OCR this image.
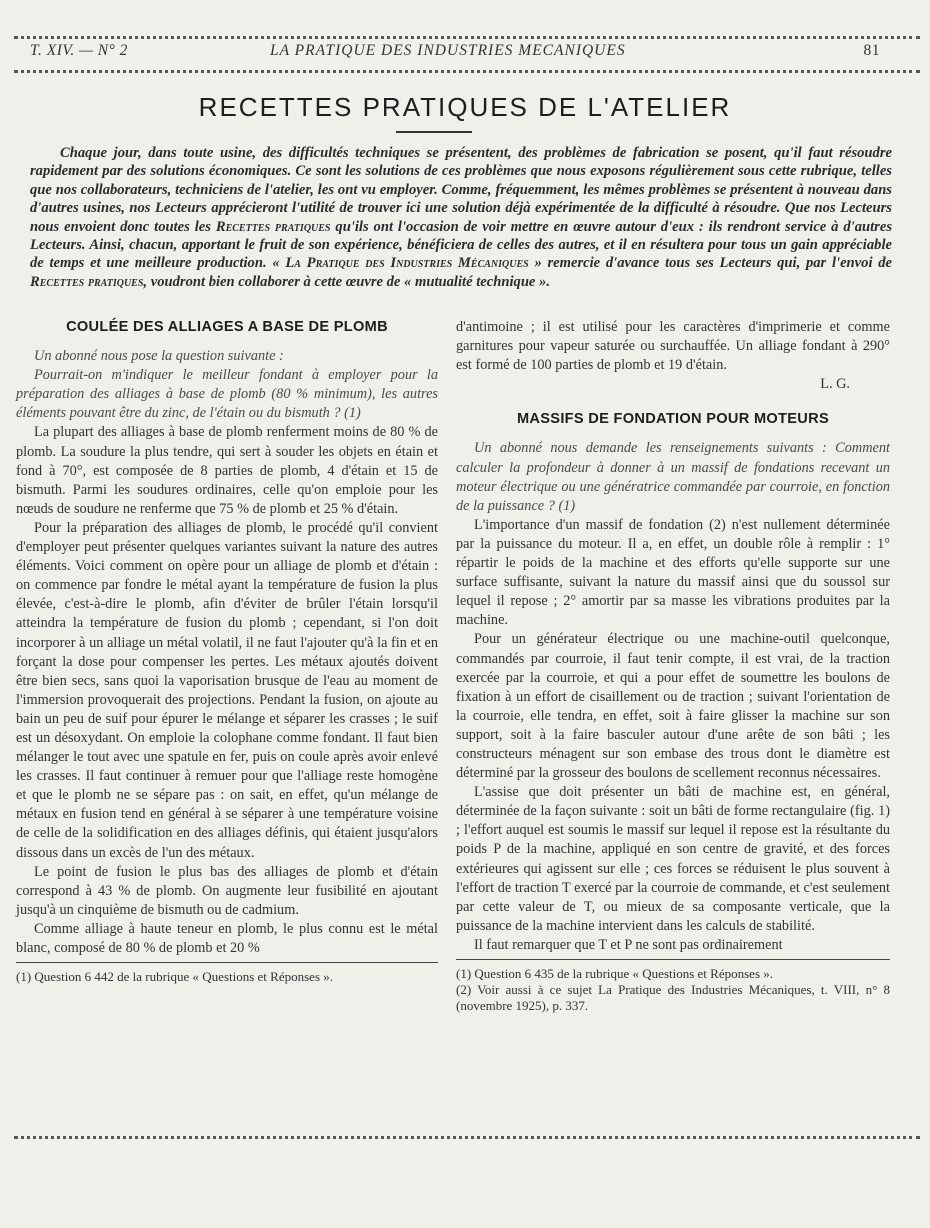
T. XIV. — N° 2	LA PRATIQUE DES INDUSTRIES MECANIQUES	81
RECETTES PRATIQUES DE L'ATELIER
Chaque jour, dans toute usine, des difficultés techniques se présentent, des problèmes de fabrication se posent, qu'il faut résoudre rapidement par des solutions économiques. Ce sont les solutions de ces problèmes que nous exposons régulièrement sous cette rubrique, telles que nos collaborateurs, techniciens de l'atelier, les ont vu employer. Comme, fréquemment, les mêmes problèmes se présentent à nouveau dans d'autres usines, nos Lecteurs apprécieront l'utilité de trouver ici une solution déjà expérimentée de la difficulté à résoudre. Que nos Lecteurs nous envoient donc toutes les Recettes pratiques qu'ils ont l'occasion de voir mettre en œuvre autour d'eux : ils rendront service à d'autres Lecteurs. Ainsi, chacun, apportant le fruit de son expérience, bénéficiera de celles des autres, et il en résultera pour tous un gain appréciable de temps et une meilleure production. « La Pratique des Industries Mécaniques » remercie d'avance tous ses Lecteurs qui, par l'envoi de Recettes pratiques, voudront bien collaborer à cette œuvre de « mutualité technique ».
COULÉE DES ALLIAGES A BASE DE PLOMB

Un abonné nous pose la question suivante :

Pourrait-on m'indiquer le meilleur fondant à employer pour la préparation des alliages à base de plomb (80 % minimum), les autres éléments pouvant être du zinc, de l'étain ou du bismuth ? (1)

La plupart des alliages à base de plomb renferment moins de 80 % de plomb. La soudure la plus tendre, qui sert à souder les objets en étain et fond à 70°, est composée de 8 parties de plomb, 4 d'étain et 15 de bismuth. Parmi les soudures ordinaires, celle qu'on emploie pour les nœuds de soudure ne renferme que 75 % de plomb et 25 % d'étain.

Pour la préparation des alliages de plomb, le procédé qu'il convient d'employer peut présenter quelques variantes suivant la nature des autres éléments. Voici comment on opère pour un alliage de plomb et d'étain : on commence par fondre le métal ayant la température de fusion la plus élevée, c'est-à-dire le plomb, afin d'éviter de brûler l'étain lorsqu'il atteindra la température de fusion du plomb ; cependant, si l'on doit incorporer à un alliage un métal volatil, il ne faut l'ajouter qu'à la fin et en forçant la dose pour compenser les pertes. Les métaux ajoutés doivent être bien secs, sans quoi la vaporisation brusque de l'eau au moment de l'immersion provoquerait des projections. Pendant la fusion, on ajoute au bain un peu de suif pour épurer le mélange et séparer les crasses ; le suif est un désoxydant. On emploie la colophane comme fondant. Il faut bien mélanger le tout avec une spatule en fer, puis on coule après avoir enlevé les crasses. Il faut continuer à remuer pour que l'alliage reste homogène et que le plomb ne se sépare pas : on sait, en effet, qu'un mélange de métaux en fusion tend en général à se séparer à une température voisine de celle de la solidification en des alliages définis, qui étaient jusqu'alors dissous dans un excès de l'un des métaux.

Le point de fusion le plus bas des alliages de plomb et d'étain correspond à 43 % de plomb. On augmente leur fusibilité en ajoutant jusqu'à un cinquième de bismuth ou de cadmium.

Comme alliage à haute teneur en plomb, le plus connu est le métal blanc, composé de 80 % de plomb et 20 %

(1) Question 6 442 de la rubrique « Questions et Réponses ».

d'antimoine ; il est utilisé pour les caractères d'imprimerie et comme garnitures pour vapeur saturée ou surchauffée. Un alliage fondant à 290° est formé de 100 parties de plomb et 19 d'étain.

L. G.

MASSIFS DE FONDATION POUR MOTEURS

Un abonné nous demande les renseignements suivants : Comment calculer la profondeur à donner à un massif de fondations recevant un moteur électrique ou une génératrice commandée par courroie, en fonction de la puissance ? (1)

L'importance d'un massif de fondation (2) n'est nullement déterminée par la puissance du moteur. Il a, en effet, un double rôle à remplir : 1° répartir le poids de la machine et des efforts qu'elle supporte sur une surface suffisante, suivant la nature du massif ainsi que du soussol sur lequel il repose ; 2° amortir par sa masse les vibrations produites par la machine.

Pour un générateur électrique ou une machine-outil quelconque, commandés par courroie, il faut tenir compte, il est vrai, de la traction exercée par la courroie, et qui a pour effet de soumettre les boulons de fixation à un effort de cisaillement ou de traction ; suivant l'orientation de la courroie, elle tendra, en effet, soit à faire glisser la machine sur son support, soit à la faire basculer autour d'une arête de son bâti ; les constructeurs ménagent sur son embase des trous dont le diamètre est déterminé par la grosseur des boulons de scellement reconnus nécessaires.

L'assise que doit présenter un bâti de machine est, en général, déterminée de la façon suivante : soit un bâti de forme rectangulaire (fig. 1) ; l'effort auquel est soumis le massif sur lequel il repose est la résultante du poids P de la machine, appliqué en son centre de gravité, et des forces extérieures qui agissent sur elle ; ces forces se réduisent le plus souvent à l'effort de traction T exercé par la courroie de commande, et c'est seulement par cette valeur de T, ou mieux de sa composante verticale, que la puissance de la machine intervient dans les calculs de stabilité.

Il faut remarquer que T et P ne sont pas ordinairement

(1) Question 6 435 de la rubrique « Questions et Réponses ».

(2) Voir aussi à ce sujet La Pratique des Industries Mécaniques, t. VIII, n° 8 (novembre 1925), p. 337.
